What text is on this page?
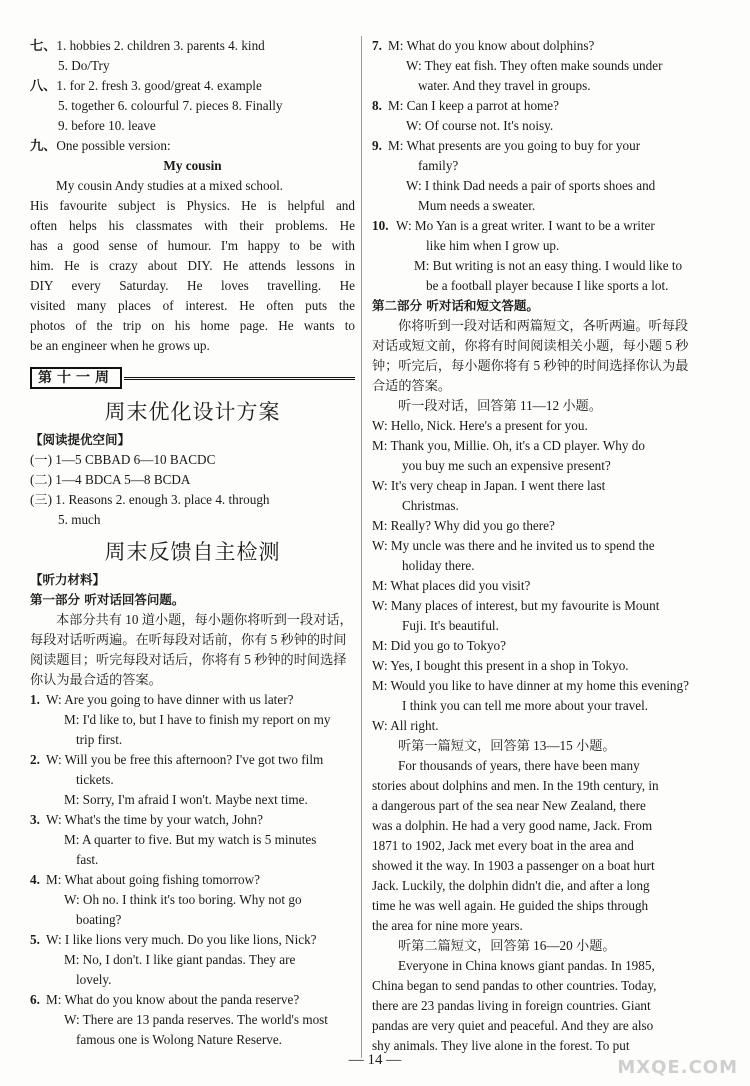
七、1. hobbies 2. children 3. parents 4. kind
5. Do/Try
八、1. for 2. fresh 3. good/great 4. example
5. together 6. colourful 7. pieces 8. Finally
9. before 10. leave
九、One possible version:
My cousin
My cousin Andy studies at a mixed school.
His favourite subject is Physics. He is helpful and
often helps his classmates with their problems. He
has a good sense of humour. I'm happy to be with
him. He is crazy about DIY. He attends lessons in
DIY every Saturday. He loves travelling. He
visited many places of interest. He often puts the
photos of the trip on his home page. He wants to
be an engineer when he grows up.
第十一周
周末优化设计方案
【阅读提优空间】
(一) 1—5 CBBAD 6—10 BACDC
(二) 1—4 BDCA 5—8 BCDA
(三) 1. Reasons 2. enough 3. place 4. through
5. much
周末反馈自主检测
【听力材料】
第一部分 听对话回答问题。
本部分共有 10 道小题，每小题你将听到一段对话，
每段对话听两遍。在听每段对话前，你有 5 秒钟的时间
阅读题目；听完每段对话后，你将有 5 秒钟的时间选择
你认为最合适的答案。
1. W: Are you going to have dinner with us later?
M: I'd like to, but I have to finish my report on my
trip first.
2. W: Will you be free this afternoon? I've got two film
tickets.
M: Sorry, I'm afraid I won't. Maybe next time.
3. W: What's the time by your watch, John?
M: A quarter to five. But my watch is 5 minutes
fast.
4. M: What about going fishing tomorrow?
W: Oh no. I think it's too boring. Why not go
boating?
5. W: I like lions very much. Do you like lions, Nick?
M: No, I don't. I like giant pandas. They are
lovely.
6. M: What do you know about the panda reserve?
W: There are 13 panda reserves. The world's most
famous one is Wolong Nature Reserve.
7. M: What do you know about dolphins?
W: They eat fish. They often make sounds under
water. And they travel in groups.
8. M: Can I keep a parrot at home?
W: Of course not. It's noisy.
9. M: What presents are you going to buy for your
family?
W: I think Dad needs a pair of sports shoes and
Mum needs a sweater.
10. W: Mo Yan is a great writer. I want to be a writer
like him when I grow up.
M: But writing is not an easy thing. I would like to
be a football player because I like sports a lot.
第二部分 听对话和短文答题。
你将听到一段对话和两篇短文，各听两遍。听每段
对话或短文前，你将有时间阅读相关小题，每小题 5 秒
钟；听完后，每小题你将有 5 秒钟的时间选择你认为最
合适的答案。
听一段对话，回答第 11—12 小题。
W: Hello, Nick. Here's a present for you.
M: Thank you, Millie. Oh, it's a CD player. Why do
you buy me such an expensive present?
W: It's very cheap in Japan. I went there last
Christmas.
M: Really? Why did you go there?
W: My uncle was there and he invited us to spend the
holiday there.
M: What places did you visit?
W: Many places of interest, but my favourite is Mount
Fuji. It's beautiful.
M: Did you go to Tokyo?
W: Yes, I bought this present in a shop in Tokyo.
M: Would you like to have dinner at my home this evening?
I think you can tell me more about your travel.
W: All right.
听第一篇短文，回答第 13—15 小题。
For thousands of years, there have been many
stories about dolphins and men. In the 19th century, in
a dangerous part of the sea near New Zealand, there
was a dolphin. He had a very good name, Jack. From
1871 to 1902, Jack met every boat in the area and
showed it the way. In 1903 a passenger on a boat hurt
Jack. Luckily, the dolphin didn't die, and after a long
time he was well again. He guided the ships through
the area for nine more years.
听第二篇短文，回答第 16—20 小题。
Everyone in China knows giant pandas. In 1985,
China began to send pandas to other countries. Today,
there are 23 pandas living in foreign countries. Giant
pandas are very quiet and peaceful. And they are also
shy animals. They live alone in the forest. To put
— 14 —	MXQE.COM
